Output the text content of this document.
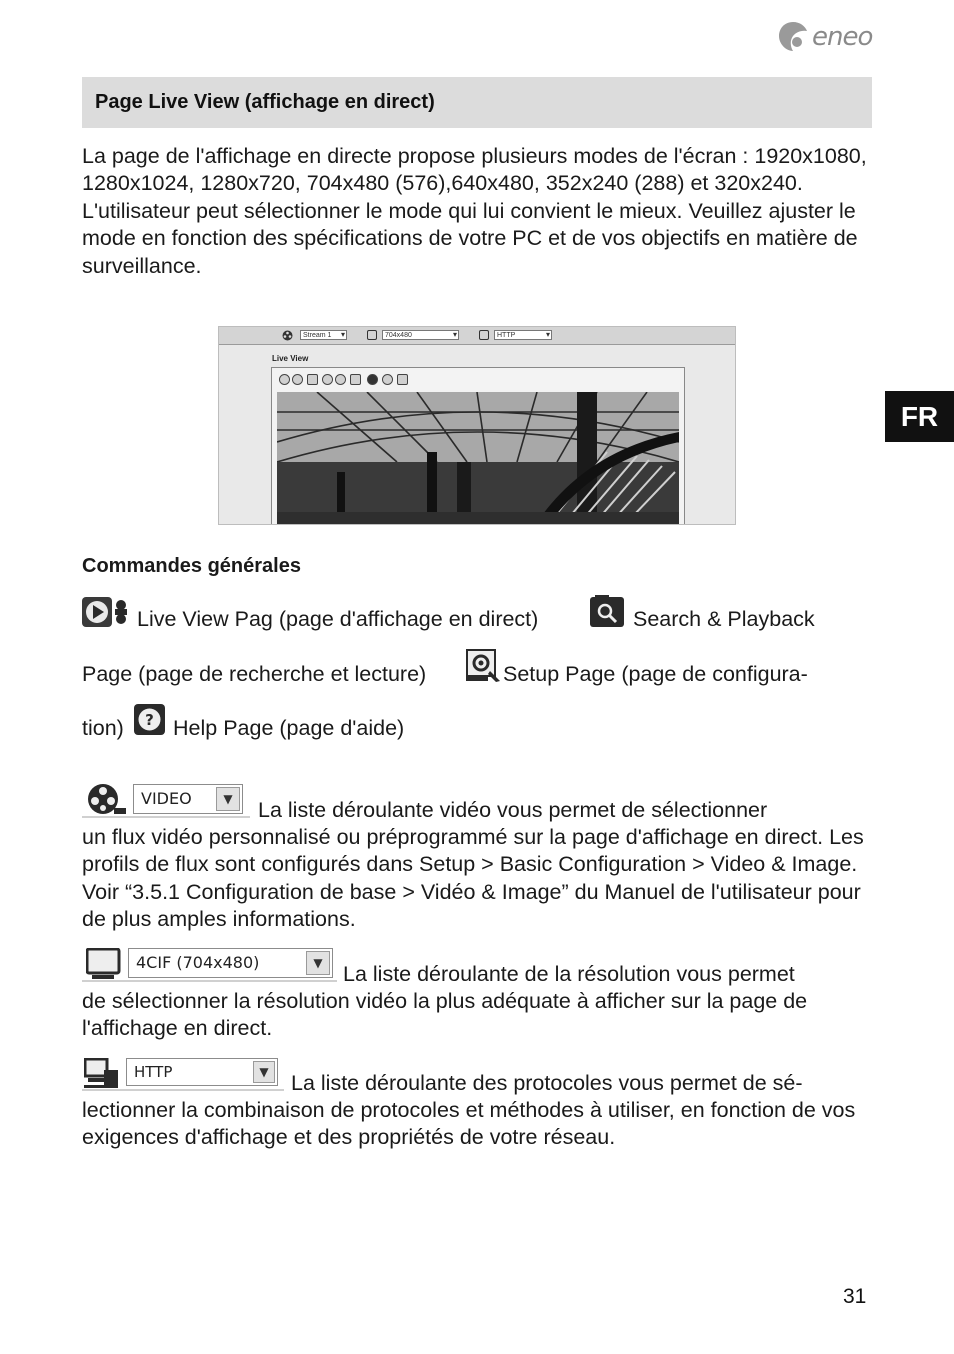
eneo
Page Live View (affichage en direct)

La page de l'affichage en directe propose plusieurs modes de l'écran : 1920x1080, 1280x1024, 1280x720, 704x480 (576),640x480, 352x240 (288) et 320x240. L'utilisateur peut sélectionner le mode qui lui convient le mieux. Veuillez ajuster le mode en fonction des spécifications de votre PC et de vos objectifs en matière de surveillance.

FR
Stream 1 ▾	704x480 ▾	HTTP ▾
Live View
Commandes générales
Live View Pag (page d'affichage en direct)	Search & Playback
Page (page de recherche et lecture)	Setup Page (page de configura-
tion) ? Help Page (page d'aide)
VIDEO	▼	La liste déroulante vidéo vous permet de sélectionner

un flux vidéo personnalisé ou préprogrammé sur la page d'affichage en direct. Les profils de flux sont configurés dans Setup > Basic Configuration > Video & Image. Voir “3.5.1 Configuration de base > Vidéo & Image” du Manuel de l'utilisateur pour de plus amples informations.

4CIF (704x480)	▼ La liste déroulante de la résolution vous permet

de sélectionner la résolution vidéo la plus adéquate à afficher sur la page de l'affichage en direct.

HTTP	▼ La liste déroulante des protocoles vous permet de sé-

lectionner la combinaison de protocoles et méthodes à utiliser, en fonction de vos exigences d'affichage et des propriétés de votre réseau.

31
